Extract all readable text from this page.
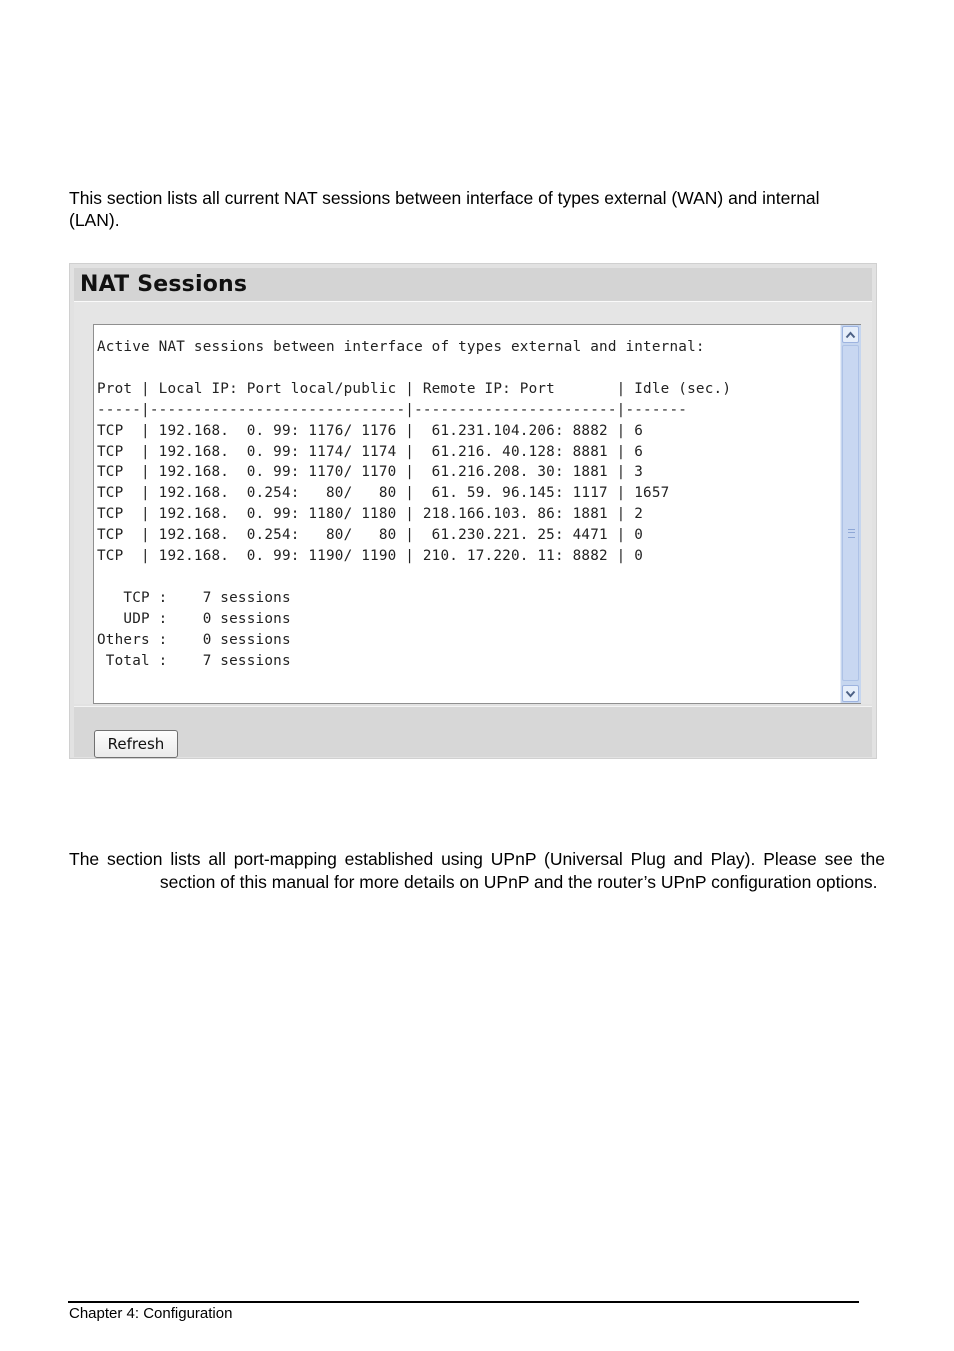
This section lists all current NAT sessions between interface of types external (WAN) and internal (LAN).

NAT Sessions
Active NAT sessions between interface of types external and internal:

Prot | Local IP: Port local/public | Remote IP: Port       | Idle (sec.)
-----|-----------------------------|-----------------------|-------
TCP  | 192.168.  0. 99: 1176/ 1176 |  61.231.104.206: 8882 | 6
TCP  | 192.168.  0. 99: 1174/ 1174 |  61.216. 40.128: 8881 | 6
TCP  | 192.168.  0. 99: 1170/ 1170 |  61.216.208. 30: 1881 | 3
TCP  | 192.168.  0.254:   80/   80 |  61. 59. 96.145: 1117 | 1657
TCP  | 192.168.  0. 99: 1180/ 1180 | 218.166.103. 86: 1881 | 2
TCP  | 192.168.  0.254:   80/   80 |  61.230.221. 25: 4471 | 0
TCP  | 192.168.  0. 99: 1190/ 1190 | 210. 17.220. 11: 8882 | 0

TCP :    7 sessions
UDP :    0 sessions
Others :    0 sessions
Total :    7 sessions
Refresh

The section lists all port-mapping established using UPnP (Universal Plug and Play). Please see the  section of this manual for more details on UPnP and the router’s UPnP configuration options.

Chapter 4: Configuration
